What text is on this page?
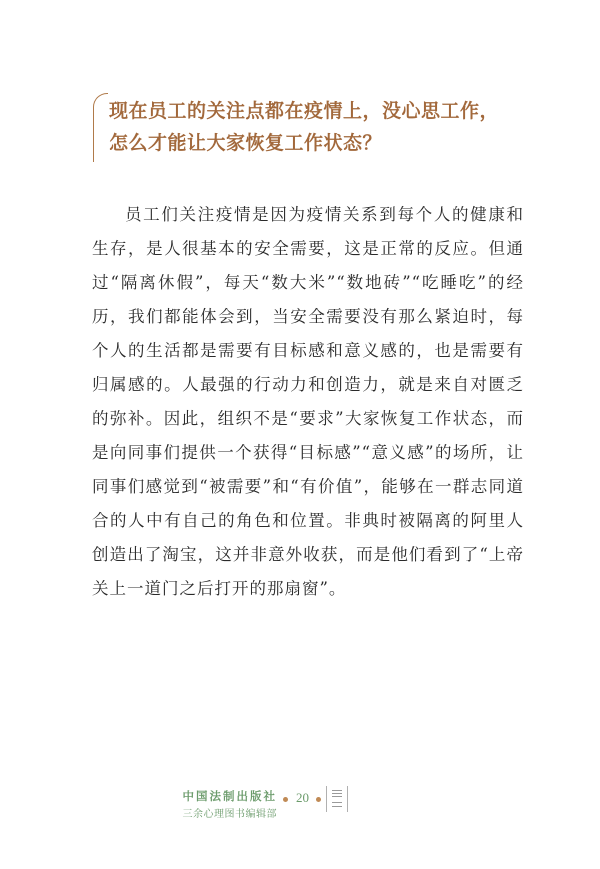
现在员工的关注点都在疫情上，没心思工作，怎么才能让大家恢复工作状态？

员工们关注疫情是因为疫情关系到每个人的健康和生存，是人很基本的安全需要，这是正常的反应。但通过“隔离休假”，每天“数大米”“数地砖”“吃睡吃”的经历，我们都能体会到，当安全需要没有那么紧迫时，每个人的生活都是需要有目标感和意义感的，也是需要有归属感的。人最强的行动力和创造力，就是来自对匮乏的弥补。因此，组织不是“要求”大家恢复工作状态，而是向同事们提供一个获得“目标感”“意义感”的场所，让同事们感觉到“被需要”和“有价值”，能够在一群志同道合的人中有自己的角色和位置。非典时被隔离的阿里人创造出了淘宝，这并非意外收获，而是他们看到了“上帝关上一道门之后打开的那扇窗”。

中国法制出版社
三余心理图书编辑部
20
